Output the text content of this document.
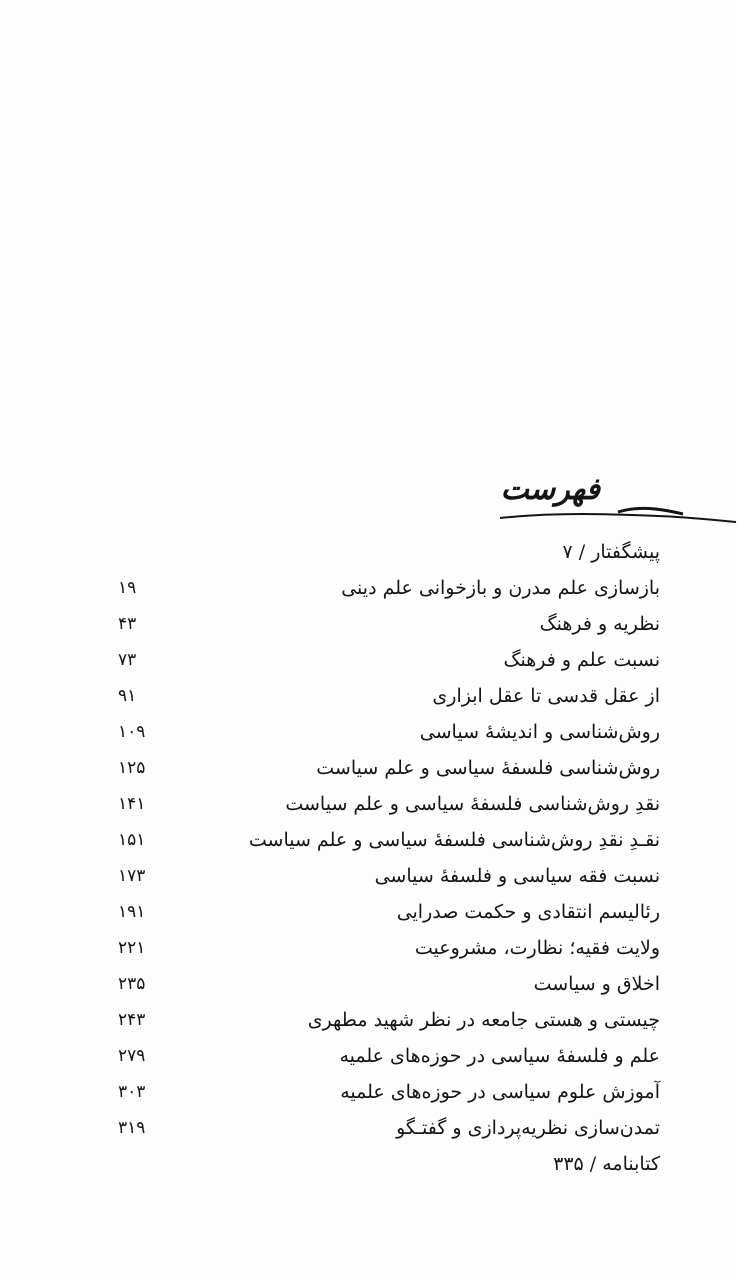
فهرست
پیشگفتار / ۷
بازسازی علم مدرن و بازخوانی علم دینی
۱۹
نظریه و فرهنگ
۴۳
نسبت علم و فرهنگ
۷۳
از عقل قدسی تا عقل ابزاری
۹۱
روش‌شناسی و اندیشهٔ سیاسی
۱۰۹
روش‌شناسی فلسفهٔ سیاسی و علم سیاست
۱۲۵
نقدِ روش‌شناسی فلسفهٔ سیاسی و علم سیاست
۱۴۱
نقـدِ نقدِ روش‌شناسی فلسفهٔ سیاسی و علم سیاست
۱۵۱
نسبت فقه سیاسی و فلسفهٔ سیاسی
۱۷۳
رئالیسم انتقادی و حکمت صدرایی
۱۹۱
ولایت فقیه؛ نظارت، مشروعیت
۲۲۱
اخلاق و سیاست
۲۳۵
چیستی و هستی جامعه در نظر شهید مطهری
۲۴۳
علم و فلسفهٔ سیاسی در حوزه‌های علمیه
۲۷۹
آموزش علوم سیاسی در حوزه‌های علمیه
۳۰۳
تمدن‌سازی نظریه‌پردازی و گفتـگو
۳۱۹
کتابنامه / ۳۳۵
